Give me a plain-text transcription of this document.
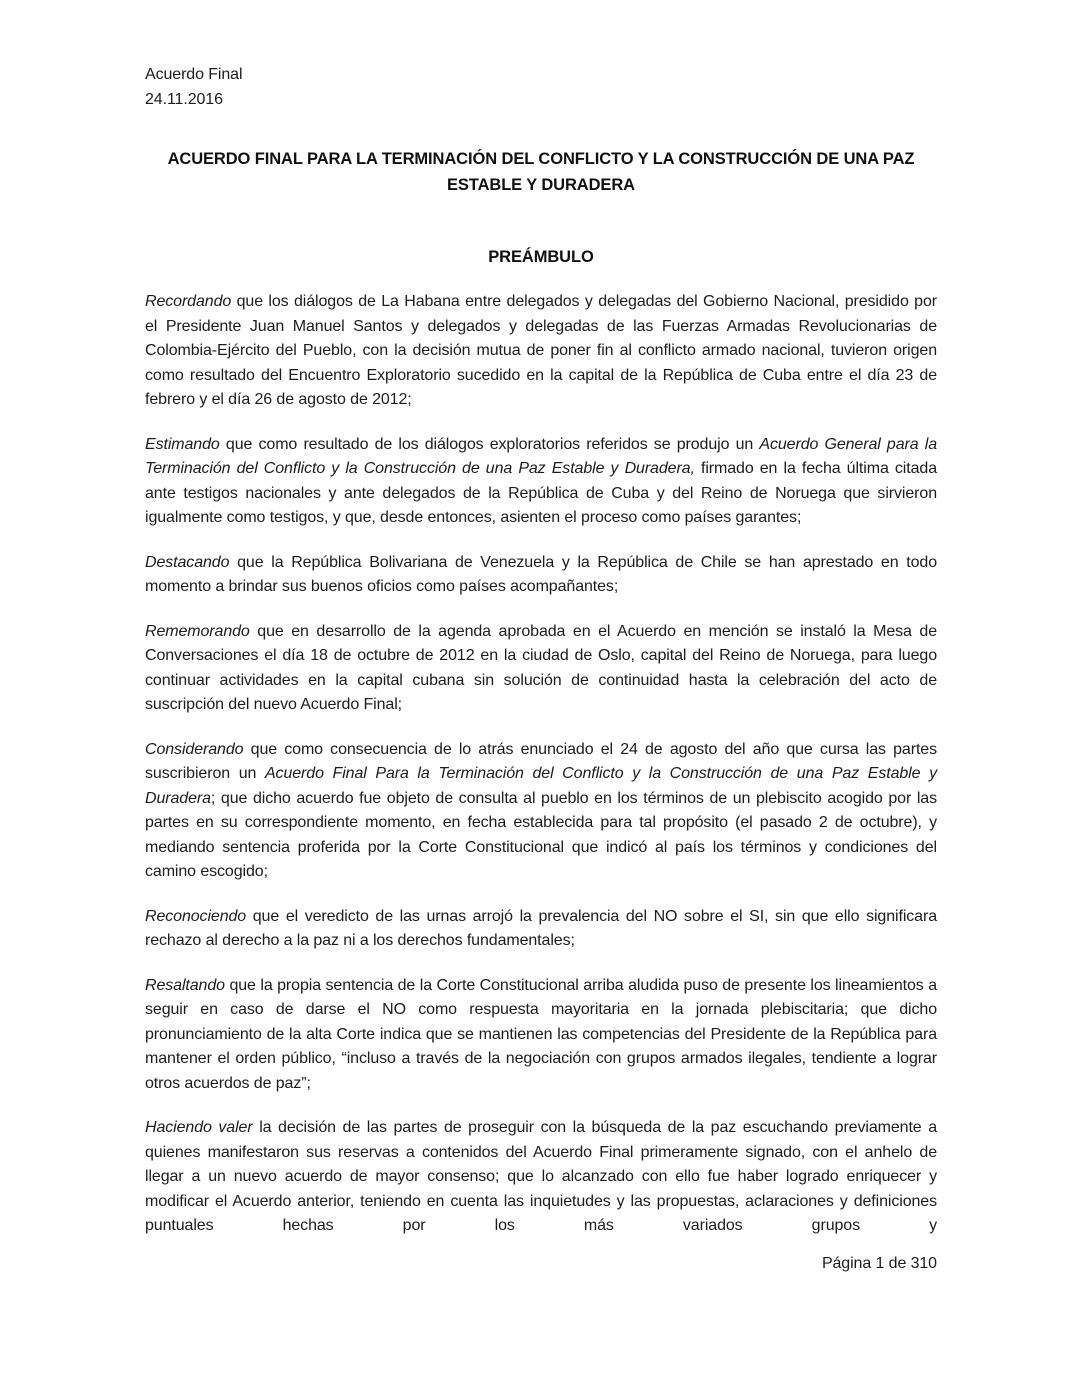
Acuerdo Final
24.11.2016
ACUERDO FINAL PARA LA TERMINACIÓN DEL CONFLICTO Y LA CONSTRUCCIÓN DE UNA PAZ
ESTABLE Y DURADERA
PREÁMBULO

Recordando que los diálogos de La Habana entre delegados y delegadas del Gobierno Nacional, presidido por el Presidente Juan Manuel Santos y delegados y delegadas de las Fuerzas Armadas Revolucionarias de Colombia-Ejército del Pueblo, con la decisión mutua de poner fin al conflicto armado nacional, tuvieron origen como resultado del Encuentro Exploratorio sucedido en la capital de la República de Cuba entre el día 23 de febrero y el día 26 de agosto de 2012;

Estimando que como resultado de los diálogos exploratorios referidos se produjo un Acuerdo General para la Terminación del Conflicto y la Construcción de una Paz Estable y Duradera, firmado en la fecha última citada ante testigos nacionales y ante delegados de la República de Cuba y del Reino de Noruega que sirvieron igualmente como testigos, y que, desde entonces, asienten el proceso como países garantes;

Destacando que la República Bolivariana de Venezuela y la República de Chile se han aprestado en todo momento a brindar sus buenos oficios como países acompañantes;

Rememorando que en desarrollo de la agenda aprobada en el Acuerdo en mención se instaló la Mesa de Conversaciones el día 18 de octubre de 2012 en la ciudad de Oslo, capital del Reino de Noruega, para luego continuar actividades en la capital cubana sin solución de continuidad hasta la celebración del acto de suscripción del nuevo Acuerdo Final;

Considerando que como consecuencia de lo atrás enunciado el 24 de agosto del año que cursa las partes suscribieron un Acuerdo Final Para la Terminación del Conflicto y la Construcción de una Paz Estable y Duradera; que dicho acuerdo fue objeto de consulta al pueblo en los términos de un plebiscito acogido por las partes en su correspondiente momento, en fecha establecida para tal propósito (el pasado 2 de octubre), y mediando sentencia proferida por la Corte Constitucional que indicó al país los términos y condiciones del camino escogido;

Reconociendo que el veredicto de las urnas arrojó la prevalencia del NO sobre el SI, sin que ello significara rechazo al derecho a la paz ni a los derechos fundamentales;

Resaltando que la propia sentencia de la Corte Constitucional arriba aludida puso de presente los lineamientos a seguir en caso de darse el NO como respuesta mayoritaria en la jornada plebiscitaria; que dicho pronunciamiento de la alta Corte indica que se mantienen las competencias del Presidente de la República para mantener el orden público, “incluso a través de la negociación con grupos armados ilegales, tendiente a lograr otros acuerdos de paz”;

Haciendo valer la decisión de las partes de proseguir con la búsqueda de la paz escuchando previamente a quienes manifestaron sus reservas a contenidos del Acuerdo Final primeramente signado, con el anhelo de llegar a un nuevo acuerdo de mayor consenso; que lo alcanzado con ello fue haber logrado enriquecer y modificar el Acuerdo anterior, teniendo en cuenta las inquietudes y las propuestas, aclaraciones y definiciones puntuales hechas por los más variados grupos y

Página 1 de 310
